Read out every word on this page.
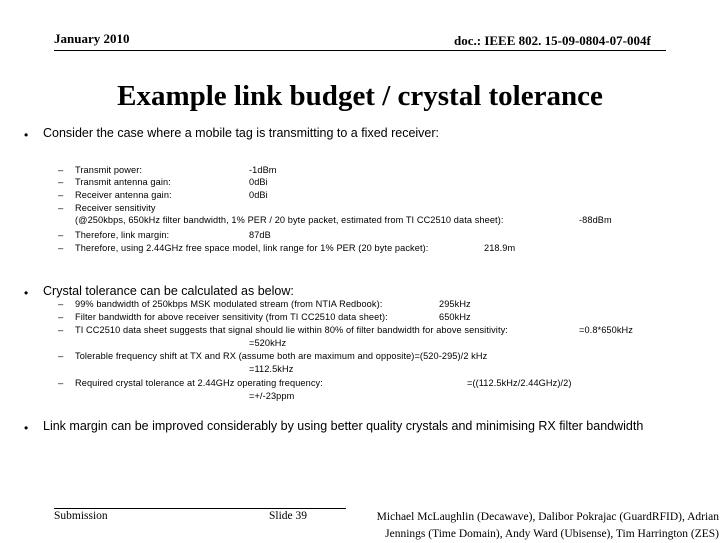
January 2010	doc.: IEEE 802. 15-09-0804-07-004f
Example link budget / crystal tolerance
• Consider the case where a mobile tag is transmitting to a fixed receiver:
– Transmit power:	-1dBm
– Transmit antenna gain:	0dBi
– Receiver antenna gain:	0dBi
– Receiver sensitivity
(@250kbps, 650kHz filter bandwidth, 1% PER / 20 byte packet, estimated from TI CC2510 data sheet):	-88dBm
– Therefore, link margin:	87dB
– Therefore, using 2.44GHz free space model, link range for 1% PER (20 byte packet):	218.9m
• Crystal tolerance can be calculated as below:
– 99% bandwidth of 250kbps MSK modulated stream (from NTIA Redbook):	295kHz
– Filter bandwidth for above receiver sensitivity (from TI CC2510 data sheet):	650kHz
– TI CC2510 data sheet suggests that signal should lie within 80% of filter bandwidth for above sensitivity:	=0.8*650kHz
=520kHz
– Tolerable frequency shift at TX and RX (assume both are maximum and opposite)=(520-295)/2 kHz
=112.5kHz
– Required crystal tolerance at 2.44GHz operating frequency:	=((112.5kHz/2.44GHz)/2)
=+/-23ppm
• Link margin can be improved considerably by using better quality crystals and minimising RX filter bandwidth
Submission	Slide 39	Michael McLaughlin (Decawave), Dalibor Pokrajac (GuardRFID), Adrian
Jennings (Time Domain), Andy Ward (Ubisense), Tim Harrington (ZES)
